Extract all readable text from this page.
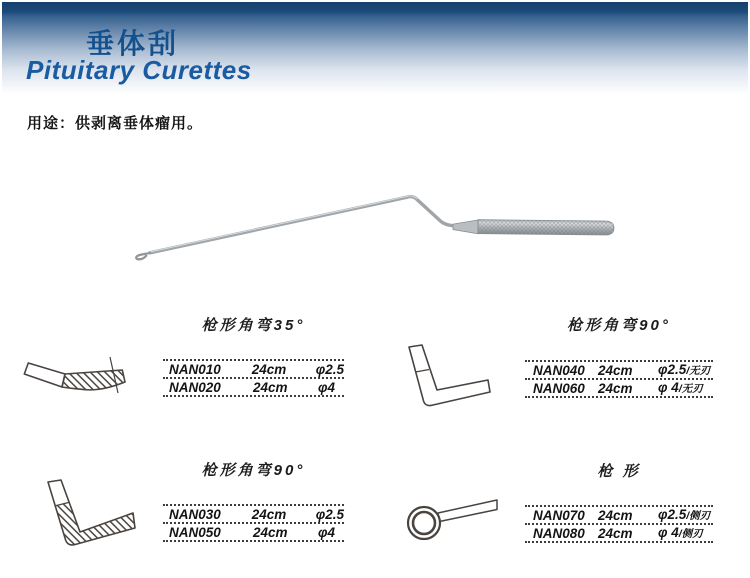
垂体刮
Pituitary Curettes
用途：供剥离垂体瘤用。
枪形角弯35°	枪形角弯90°
枪形角弯90°	枪 形
NAN010	24cm	φ2.5
NAN020	24cm	φ4
NAN040 24cm	φ2.5/无刃
NAN060 24cm	φ 4/无刃
NAN030	24cm	φ2.5
NAN050	24cm	φ4
NAN070 24cm	φ2.5/侧刃
NAN080 24cm	φ 4/侧刃
